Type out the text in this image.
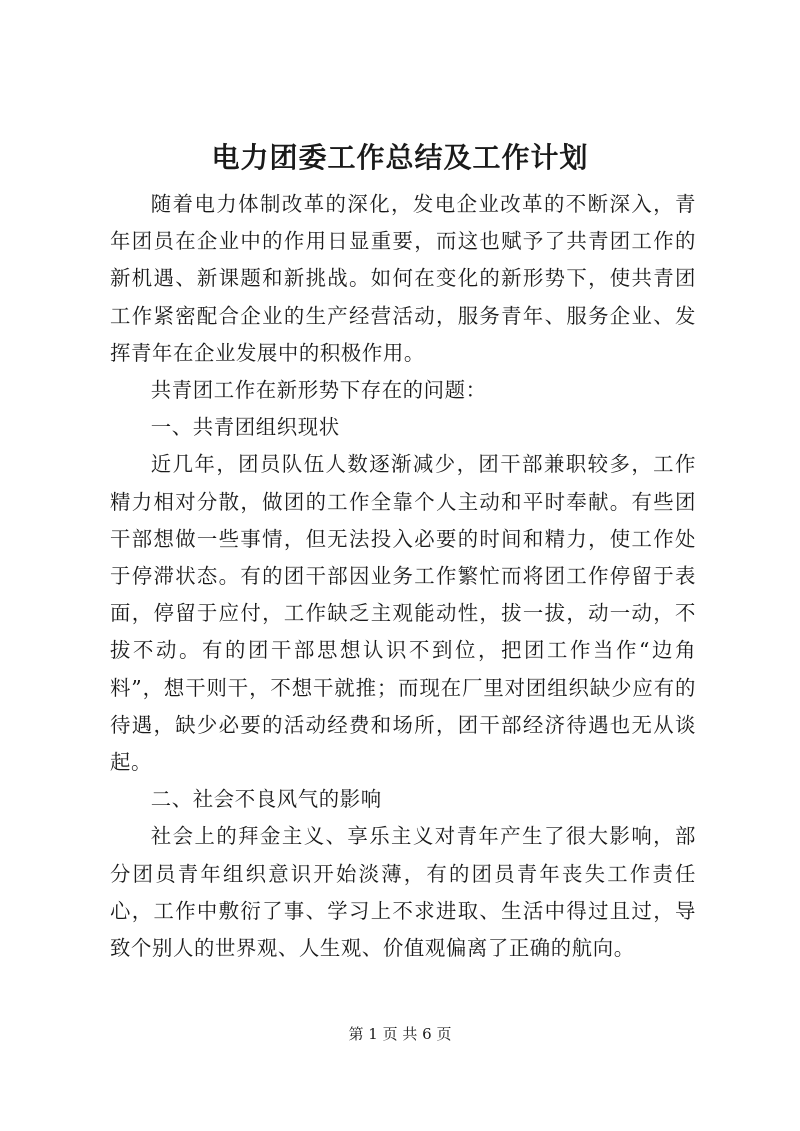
电力团委工作总结及工作计划

随着电力体制改革的深化，发电企业改革的不断深入，青年团员在企业中的作用日显重要，而这也赋予了共青团工作的新机遇、新课题和新挑战。如何在变化的新形势下，使共青团工作紧密配合企业的生产经营活动，服务青年、服务企业、发挥青年在企业发展中的积极作用。

共青团工作在新形势下存在的问题：

一、共青团组织现状

近几年，团员队伍人数逐渐减少，团干部兼职较多，工作精力相对分散，做团的工作全靠个人主动和平时奉献。有些团干部想做一些事情，但无法投入必要的时间和精力，使工作处于停滞状态。有的团干部因业务工作繁忙而将团工作停留于表面，停留于应付，工作缺乏主观能动性，拔一拔，动一动，不拔不动。有的团干部思想认识不到位，把团工作当作“边角料”，想干则干，不想干就推；而现在厂里对团组织缺少应有的待遇，缺少必要的活动经费和场所，团干部经济待遇也无从谈起。

二、社会不良风气的影响

社会上的拜金主义、享乐主义对青年产生了很大影响，部分团员青年组织意识开始淡薄，有的团员青年丧失工作责任心，工作中敷衍了事、学习上不求进取、生活中得过且过，导致个别人的世界观、人生观、价值观偏离了正确的航向。

第 1 页 共 6 页
